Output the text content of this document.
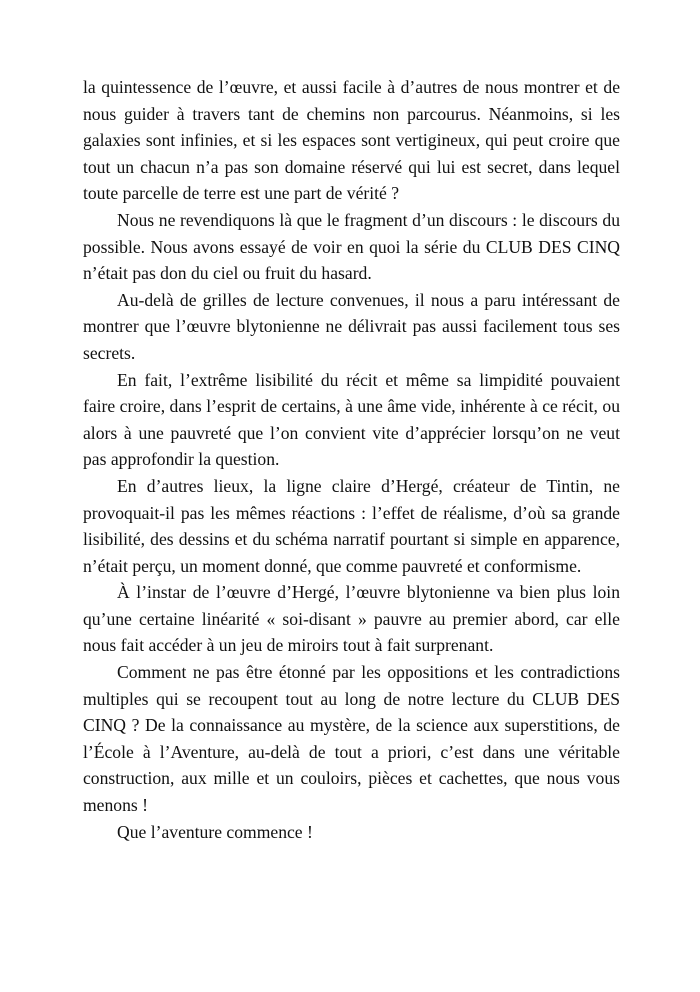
la quintessence de l’œuvre, et aussi facile à d’autres de nous montrer et de nous guider à travers tant de chemins non parcourus. Néanmoins, si les galaxies sont infinies, et si les espaces sont vertigineux, qui peut croire que tout un chacun n’a pas son domaine réservé qui lui est secret, dans lequel toute parcelle de terre est une part de vérité ?

Nous ne revendiquons là que le fragment d’un discours : le discours du possible. Nous avons essayé de voir en quoi la série du CLUB DES CINQ n’était pas don du ciel ou fruit du hasard.

Au-delà de grilles de lecture convenues, il nous a paru intéressant de montrer que l’œuvre blytonienne ne délivrait pas aussi facilement tous ses secrets.

En fait, l’extrême lisibilité du récit et même sa limpidité pouvaient faire croire, dans l’esprit de certains, à une âme vide, inhérente à ce récit, ou alors à une pauvreté que l’on convient vite d’apprécier lorsqu’on ne veut pas approfondir la question.

En d’autres lieux, la ligne claire d’Hergé, créateur de Tintin, ne provoquait-il pas les mêmes réactions : l’effet de réalisme, d’où sa grande lisibilité, des dessins et du schéma narratif pourtant si simple en apparence, n’était perçu, un moment donné, que comme pauvreté et conformisme.

À l’instar de l’œuvre d’Hergé, l’œuvre blytonienne va bien plus loin qu’une certaine linéarité « soi-disant » pauvre au premier abord, car elle nous fait accéder à un jeu de miroirs tout à fait surprenant.

Comment ne pas être étonné par les oppositions et les contradictions multiples qui se recoupent tout au long de notre lecture du CLUB DES CINQ ? De la connaissance au mystère, de la science aux superstitions, de l’École à l’Aventure, au-delà de tout a priori, c’est dans une véritable construction, aux mille et un couloirs, pièces et cachettes, que nous vous menons !

Que l’aventure commence !
